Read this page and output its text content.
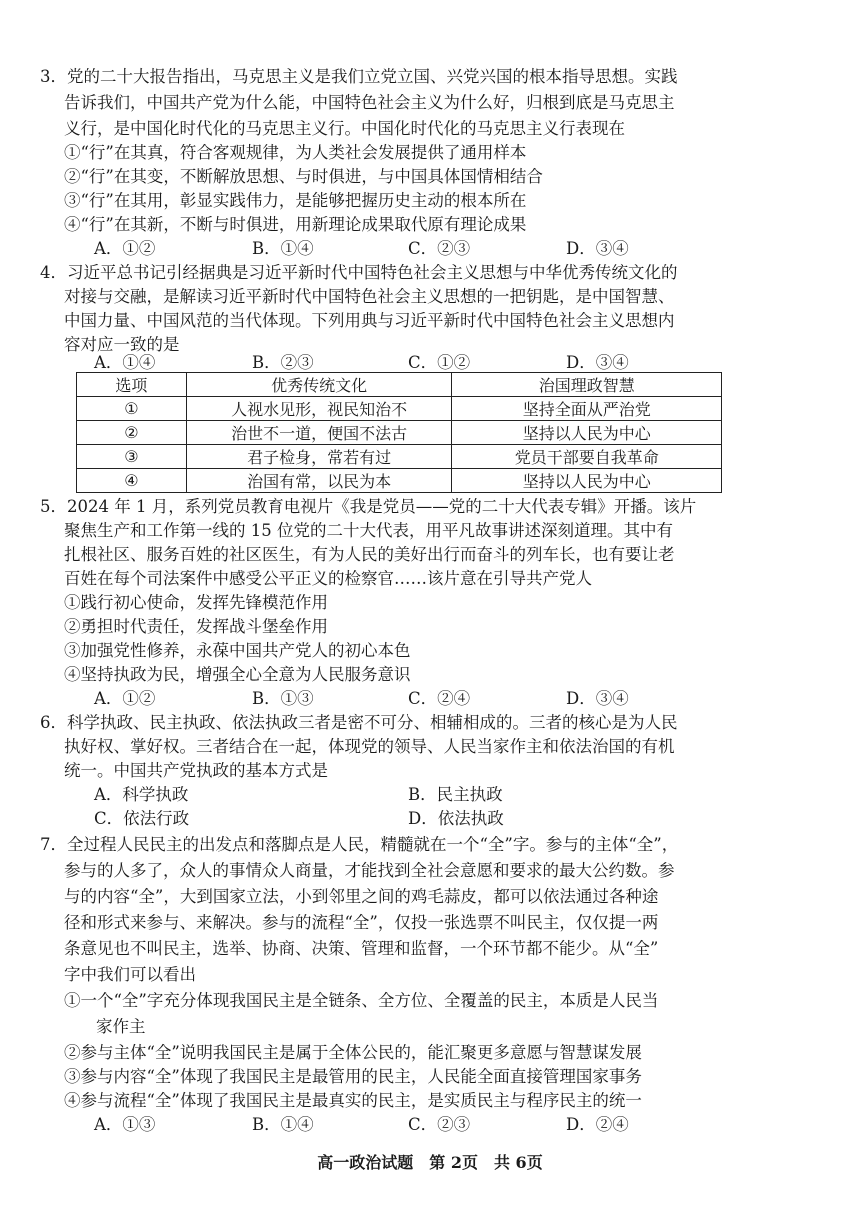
3．党的二十大报告指出，马克思主义是我们立党立国、兴党兴国的根本指导思想。实践
告诉我们，中国共产党为什么能，中国特色社会主义为什么好，归根到底是马克思主
义行，是中国化时代化的马克思主义行。中国化时代化的马克思主义行表现在
①“行”在其真，符合客观规律，为人类社会发展提供了通用样本
②“行”在其变，不断解放思想、与时俱进，与中国具体国情相结合
③“行”在其用，彰显实践伟力，是能够把握历史主动的根本所在
④“行”在其新，不断与时俱进，用新理论成果取代原有理论成果
A．①②	B．①④	C．②③	D．③④
4．习近平总书记引经据典是习近平新时代中国特色社会主义思想与中华优秀传统文化的
对接与交融，是解读习近平新时代中国特色社会主义思想的一把钥匙，是中国智慧、
中国力量、中国风范的当代体现。下列用典与习近平新时代中国特色社会主义思想内
容对应一致的是
A．①④	B．②③	C．①②	D．③④
选项	优秀传统文化	治国理政智慧
①	人视水见形，视民知治不	坚持全面从严治党
②	治世不一道，便国不法古	坚持以人民为中心
③	君子检身，常若有过	党员干部要自我革命
④	治国有常，以民为本	坚持以人民为中心
5．2024 年 1 月，系列党员教育电视片《我是党员——党的二十大代表专辑》开播。该片
聚焦生产和工作第一线的 15 位党的二十大代表，用平凡故事讲述深刻道理。其中有
扎根社区、服务百姓的社区医生，有为人民的美好出行而奋斗的列车长，也有要让老
百姓在每个司法案件中感受公平正义的检察官……该片意在引导共产党人
①践行初心使命，发挥先锋模范作用
②勇担时代责任，发挥战斗堡垒作用
③加强党性修养，永葆中国共产党人的初心本色
④坚持执政为民，增强全心全意为人民服务意识
A．①②	B．①③	C．②④	D．③④
6．科学执政、民主执政、依法执政三者是密不可分、相辅相成的。三者的核心是为人民
执好权、掌好权。三者结合在一起，体现党的领导、人民当家作主和依法治国的有机
统一。中国共产党执政的基本方式是
A．科学执政	B．民主执政
C．依法行政	D．依法执政
7．全过程人民民主的出发点和落脚点是人民，精髓就在一个“全”字。参与的主体“全”，
参与的人多了，众人的事情众人商量，才能找到全社会意愿和要求的最大公约数。参
与的内容“全”，大到国家立法，小到邻里之间的鸡毛蒜皮，都可以依法通过各种途
径和形式来参与、来解决。参与的流程“全”，仅投一张选票不叫民主，仅仅提一两
条意见也不叫民主，选举、协商、决策、管理和监督，一个环节都不能少。从“全”
字中我们可以看出
①一个“全”字充分体现我国民主是全链条、全方位、全覆盖的民主，本质是人民当
家作主
②参与主体“全”说明我国民主是属于全体公民的，能汇聚更多意愿与智慧谋发展
③参与内容“全”体现了我国民主是最管用的民主，人民能全面直接管理国家事务
④参与流程“全”体现了我国民主是最真实的民主，是实质民主与程序民主的统一
A．①③	B．①④	C．②③	D．②④
高一政治试题　第 2页　共 6页
